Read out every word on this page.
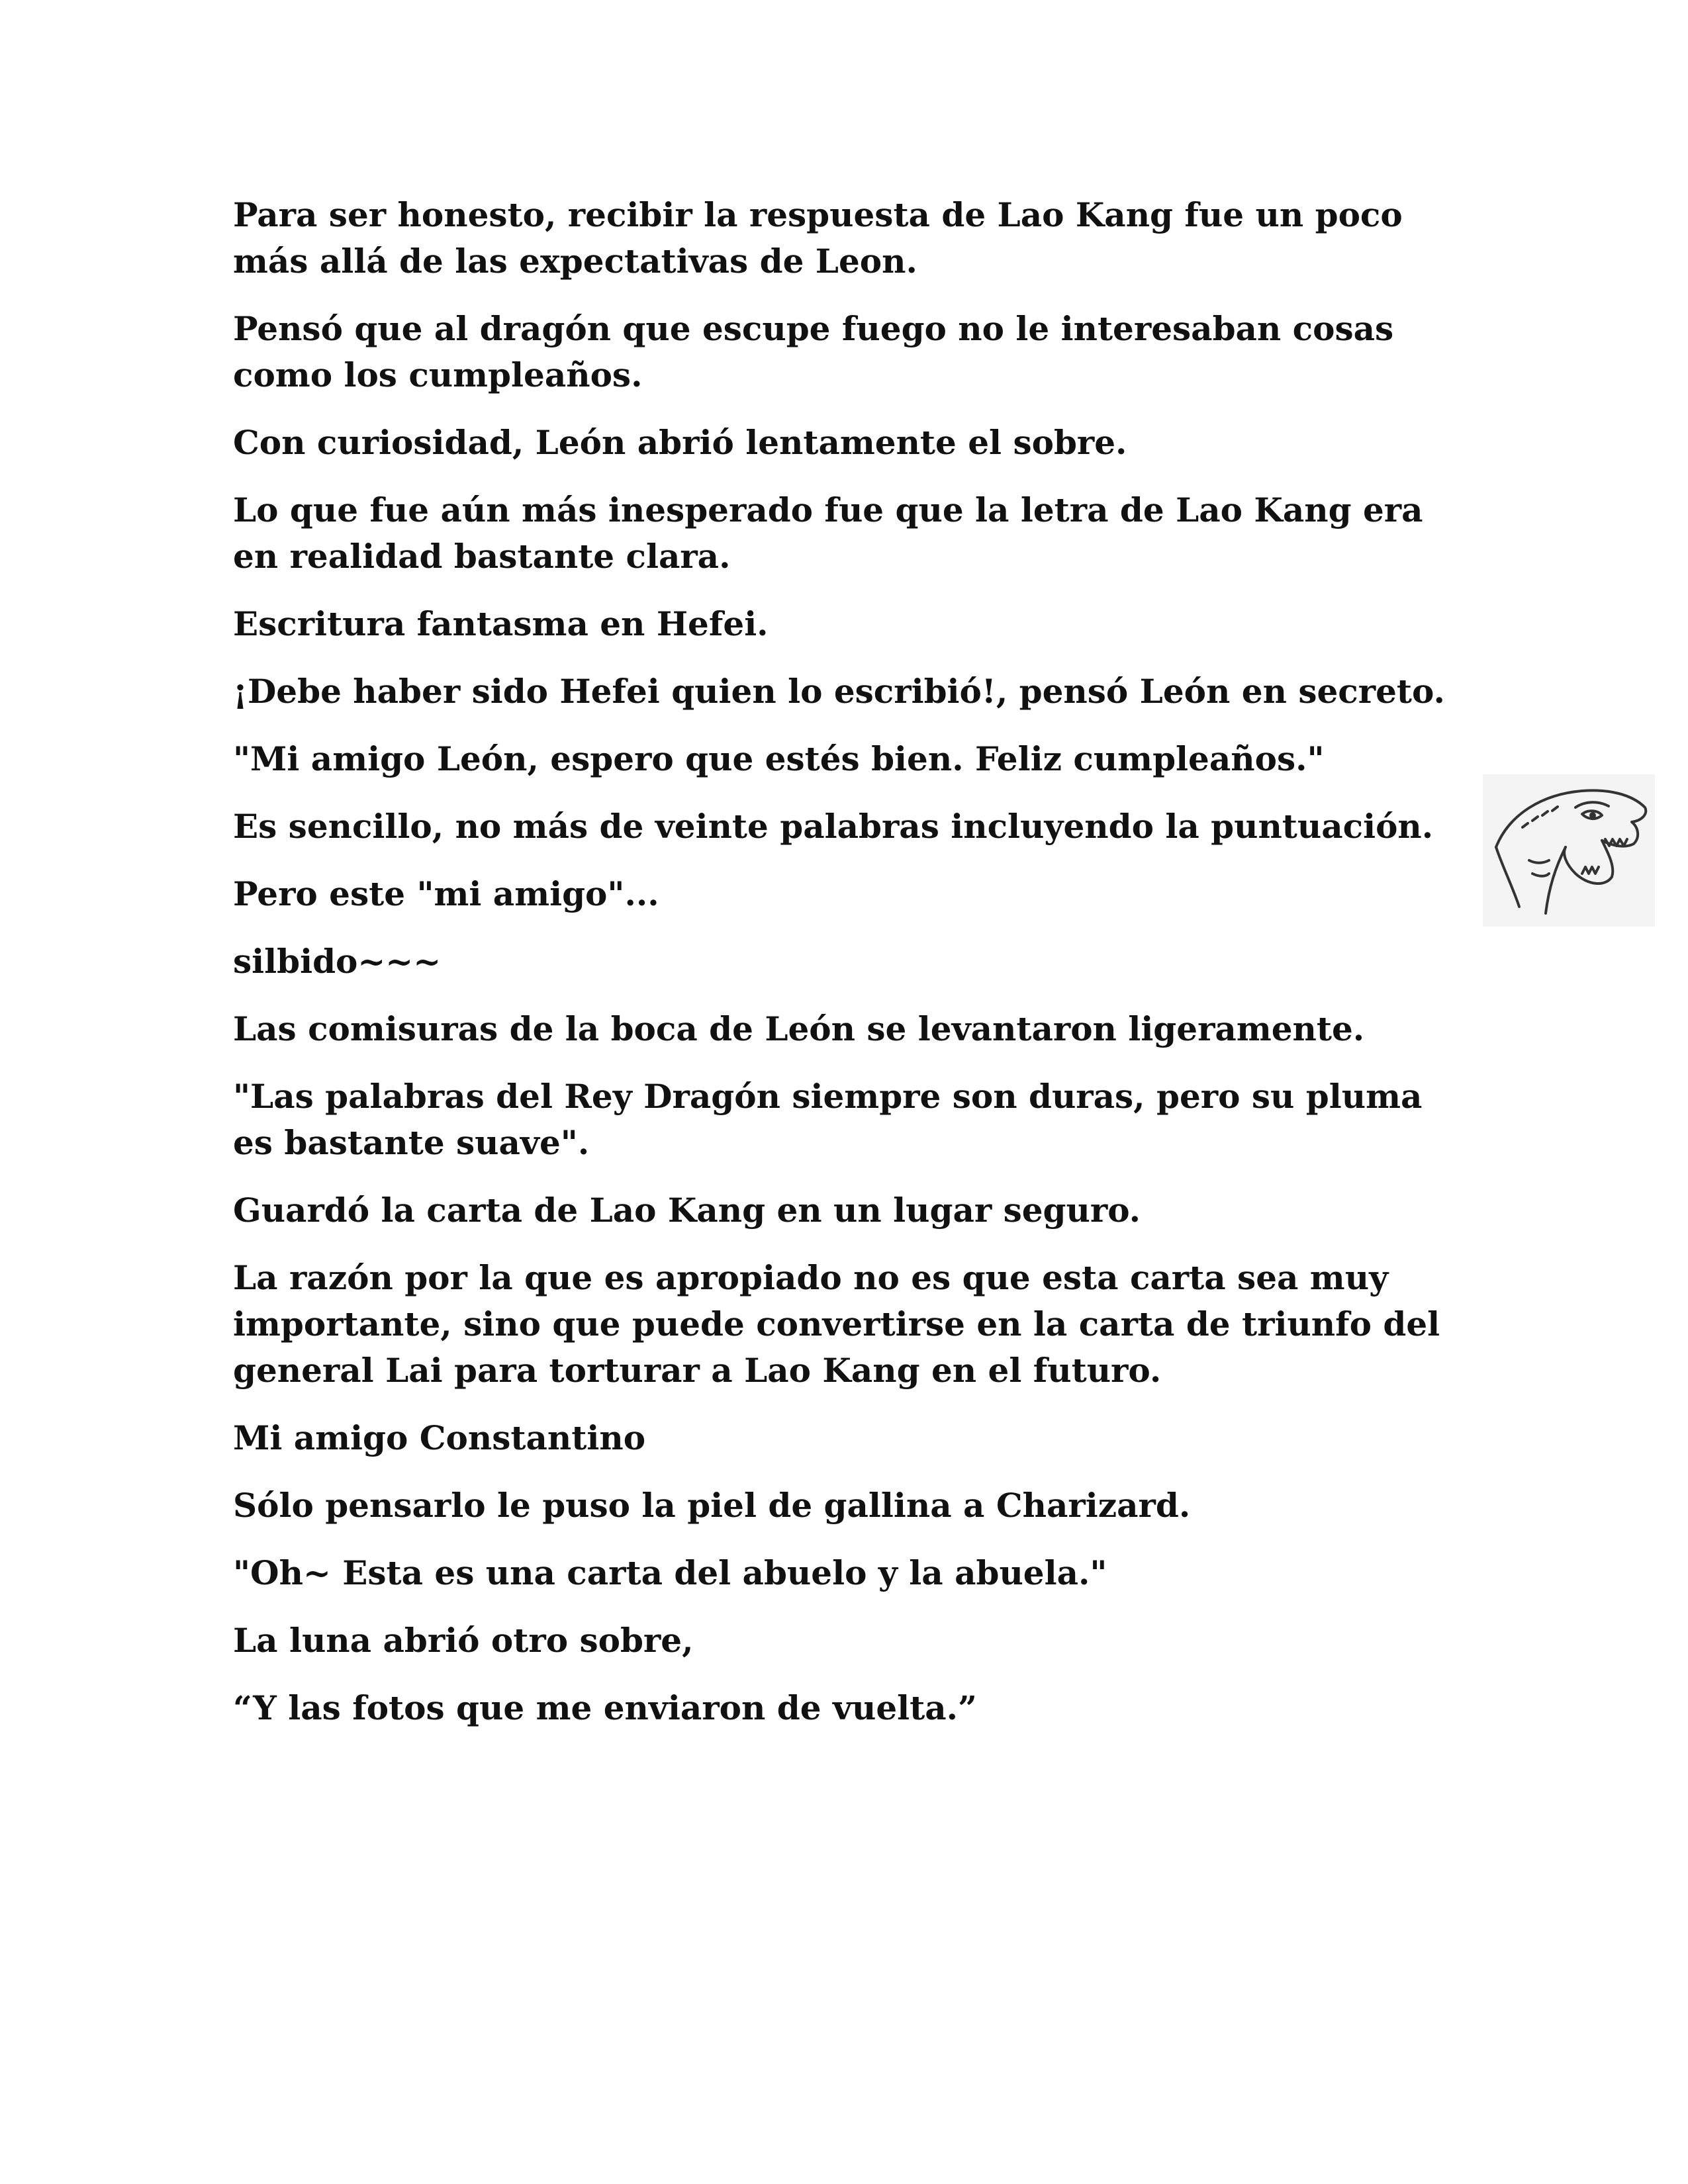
Para ser honesto, recibir la respuesta de Lao Kang fue un poco más allá de las expectativas de Leon.

Pensó que al dragón que escupe fuego no le interesaban cosas como los cumpleaños.

Con curiosidad, León abrió lentamente el sobre.

Lo que fue aún más inesperado fue que la letra de Lao Kang era en realidad bastante clara.

Escritura fantasma en Hefei.

¡Debe haber sido Hefei quien lo escribió!, pensó León en secreto.

"Mi amigo León, espero que estés bien. Feliz cumpleaños."

Es sencillo, no más de veinte palabras incluyendo la puntuación.

Pero este "mi amigo"...

silbido~~~

Las comisuras de la boca de León se levantaron ligeramente.

"Las palabras del Rey Dragón siempre son duras, pero su pluma es bastante suave".

Guardó la carta de Lao Kang en un lugar seguro.

La razón por la que es apropiado no es que esta carta sea muy importante, sino que puede convertirse en la carta de triunfo del general Lai para torturar a Lao Kang en el futuro.

Mi amigo Constantino

Sólo pensarlo le puso la piel de gallina a Charizard.

"Oh~ Esta es una carta del abuelo y la abuela."

La luna abrió otro sobre,

“Y las fotos que me enviaron de vuelta.”
